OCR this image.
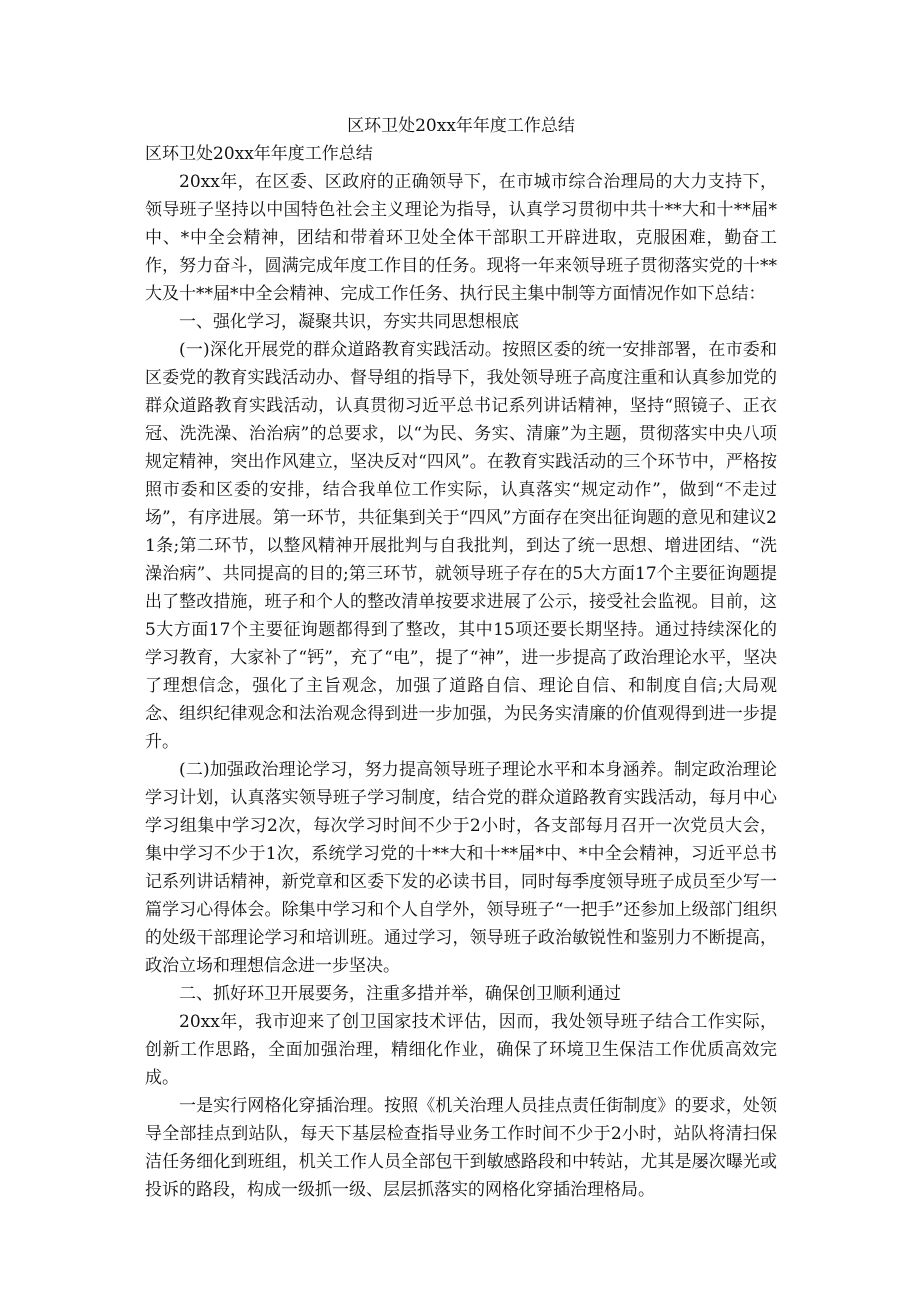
区环卫处20xx年年度工作总结

区环卫处20xx年年度工作总结

20xx年，在区委、区政府的正确领导下，在市城市综合治理局的大力支持下，领导班子坚持以中国特色社会主义理论为指导，认真学习贯彻中共十**大和十**届*中、*中全会精神，团结和带着环卫处全体干部职工开辟进取，克服困难，勤奋工作，努力奋斗，圆满完成年度工作目的任务。现将一年来领导班子贯彻落实党的十**大及十**届*中全会精神、完成工作任务、执行民主集中制等方面情况作如下总结：

一、强化学习，凝聚共识，夯实共同思想根底

(一)深化开展党的群众道路教育实践活动。按照区委的统一安排部署，在市委和区委党的教育实践活动办、督导组的指导下，我处领导班子高度注重和认真参加党的群众道路教育实践活动，认真贯彻习近平总书记系列讲话精神，坚持“照镜子、正衣冠、洗洗澡、治治病”的总要求，以“为民、务实、清廉”为主题，贯彻落实中央八项规定精神，突出作风建立，坚决反对“四风”。在教育实践活动的三个环节中，严格按照市委和区委的安排，结合我单位工作实际，认真落实“规定动作”，做到“不走过场”，有序进展。第一环节，共征集到关于“四风”方面存在突出征询题的意见和建议21条;第二环节，以整风精神开展批判与自我批判，到达了统一思想、增进团结、“洗澡治病”、共同提高的目的;第三环节，就领导班子存在的5大方面17个主要征询题提出了整改措施，班子和个人的整改清单按要求进展了公示，接受社会监视。目前，这5大方面17个主要征询题都得到了整改，其中15项还要长期坚持。通过持续深化的学习教育，大家补了“钙”，充了“电”，提了“神”，进一步提高了政治理论水平，坚决了理想信念，强化了主旨观念，加强了道路自信、理论自信、和制度自信;大局观念、组织纪律观念和法治观念得到进一步加强，为民务实清廉的价值观得到进一步提升。

(二)加强政治理论学习，努力提高领导班子理论水平和本身涵养。制定政治理论学习计划，认真落实领导班子学习制度，结合党的群众道路教育实践活动，每月中心学习组集中学习2次，每次学习时间不少于2小时，各支部每月召开一次党员大会，集中学习不少于1次，系统学习党的十**大和十**届*中、*中全会精神，习近平总书记系列讲话精神，新党章和区委下发的必读书目，同时每季度领导班子成员至少写一篇学习心得体会。除集中学习和个人自学外，领导班子“一把手”还参加上级部门组织的处级干部理论学习和培训班。通过学习，领导班子政治敏锐性和鉴别力不断提高，政治立场和理想信念进一步坚决。

二、抓好环卫开展要务，注重多措并举，确保创卫顺利通过

20xx年，我市迎来了创卫国家技术评估，因而，我处领导班子结合工作实际，创新工作思路，全面加强治理，精细化作业，确保了环境卫生保洁工作优质高效完成。

一是实行网格化穿插治理。按照《机关治理人员挂点责任街制度》的要求，处领导全部挂点到站队，每天下基层检查指导业务工作时间不少于2小时，站队将清扫保洁任务细化到班组，机关工作人员全部包干到敏感路段和中转站，尤其是屡次曝光或投诉的路段，构成一级抓一级、层层抓落实的网格化穿插治理格局。
